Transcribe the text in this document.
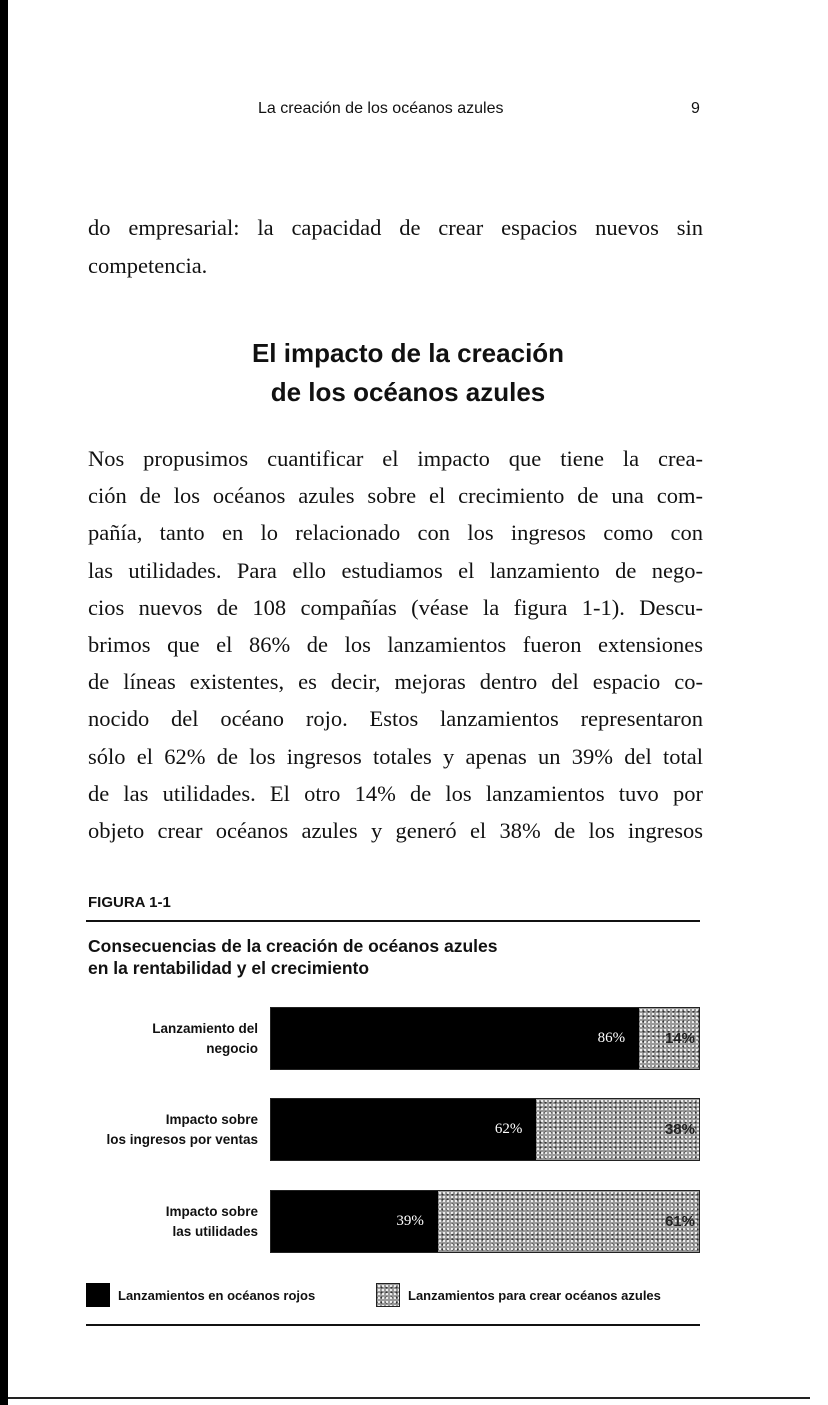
La creación de los océanos azules	9
do empresarial: la capacidad de crear espacios nuevos sin
competencia.
El impacto de la creación
de los océanos azules
Nos propusimos cuantificar el impacto que tiene la crea-
ción de los océanos azules sobre el crecimiento de una com-
pañía, tanto en lo relacionado con los ingresos como con
las utilidades. Para ello estudiamos el lanzamiento de nego-
cios nuevos de 108 compañías (véase la figura 1-1). Descu-
brimos que el 86% de los lanzamientos fueron extensiones
de líneas existentes, es decir, mejoras dentro del espacio co-
nocido del océano rojo. Estos lanzamientos representaron
sólo el 62% de los ingresos totales y apenas un 39% del total
de las utilidades. El otro 14% de los lanzamientos tuvo por
objeto crear océanos azules y generó el 38% de los ingresos
FIGURA 1-1
Consecuencias de la creación de océanos azules
en la rentabilidad y el crecimiento
Lanzamiento del
negocio
86%	14%
Impacto sobre
los ingresos por ventas
62%	38%
Impacto sobre
las utilidades
39%	61%
Lanzamientos en océanos rojos	Lanzamientos para crear océanos azules
